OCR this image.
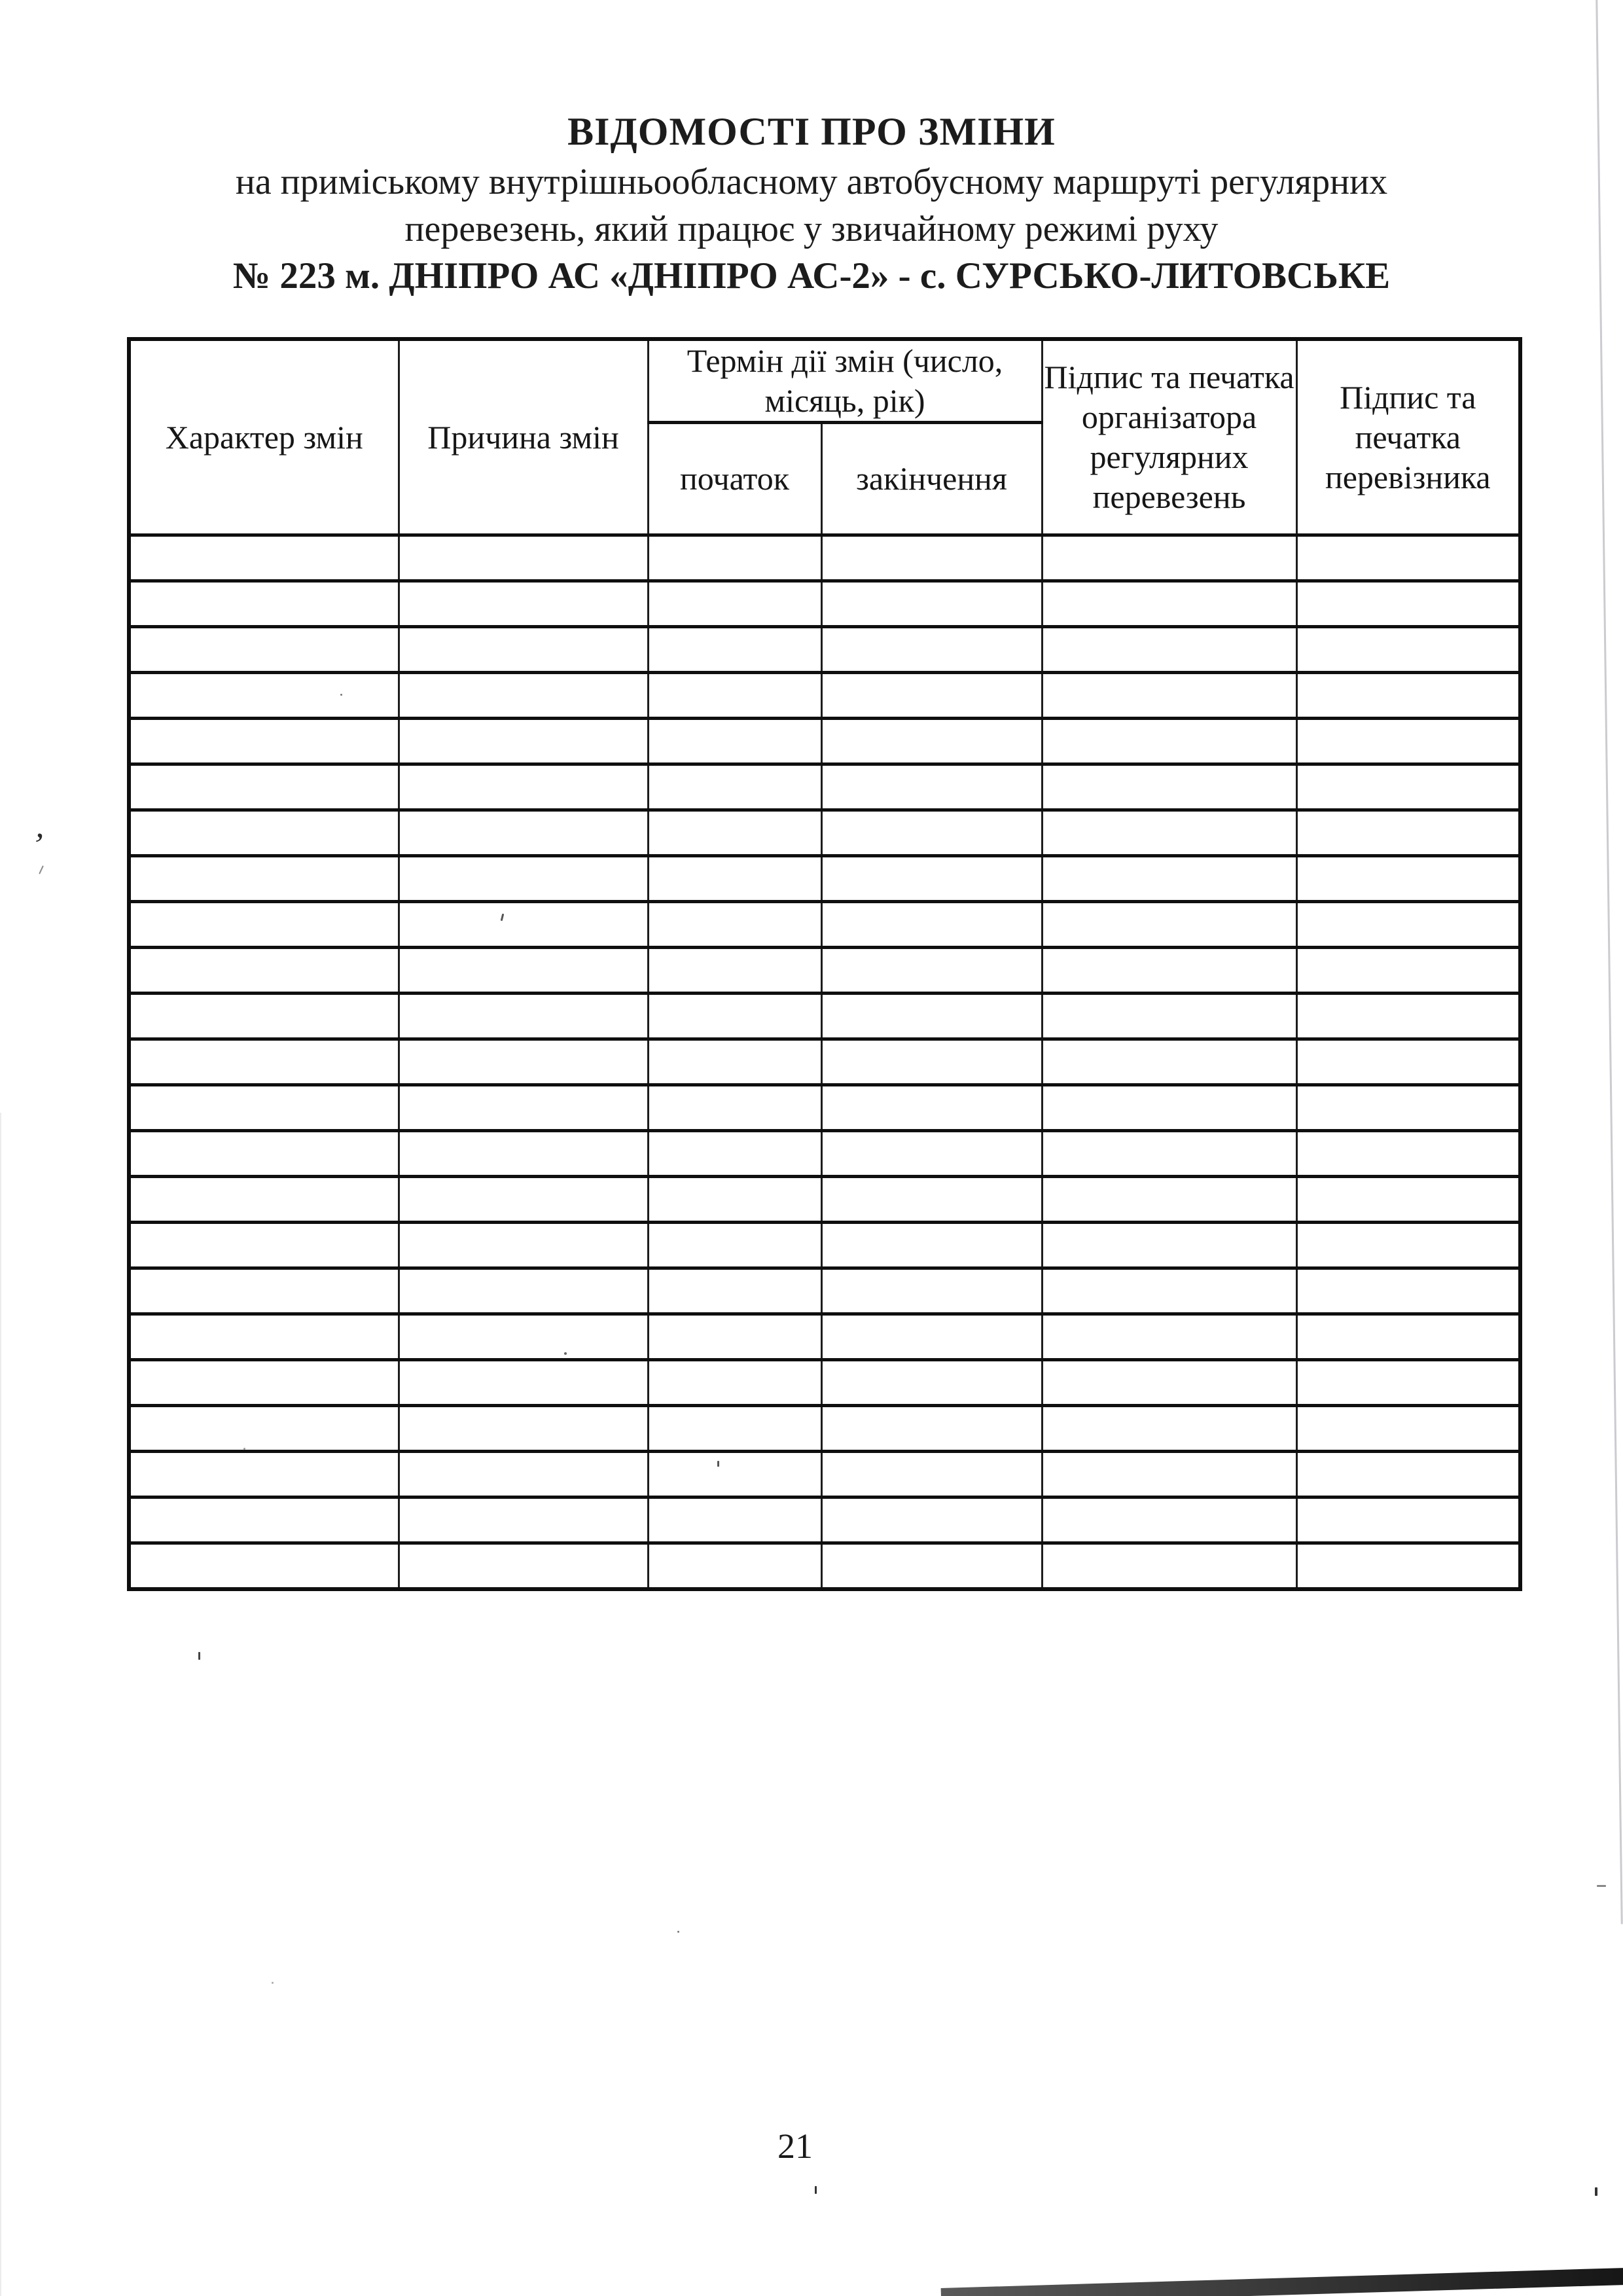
ВІДОМОСТІ ПРО ЗМІНИ
на приміському внутрішньообласному автобусному маршруті регулярних
перевезень, який працює у звичайному режимі руху
№ 223 м. ДНІПРО АС «ДНІПРО АС-2» - с. СУРСЬКО-ЛИТОВСЬКЕ
Характер змін	Причина змін	Термін дії змін (число, місяць, рік)		Підпис та печатка організатора регулярних перевезень	Підпис та печатка перевізника
		початок	закінчення		

21
ʼ
